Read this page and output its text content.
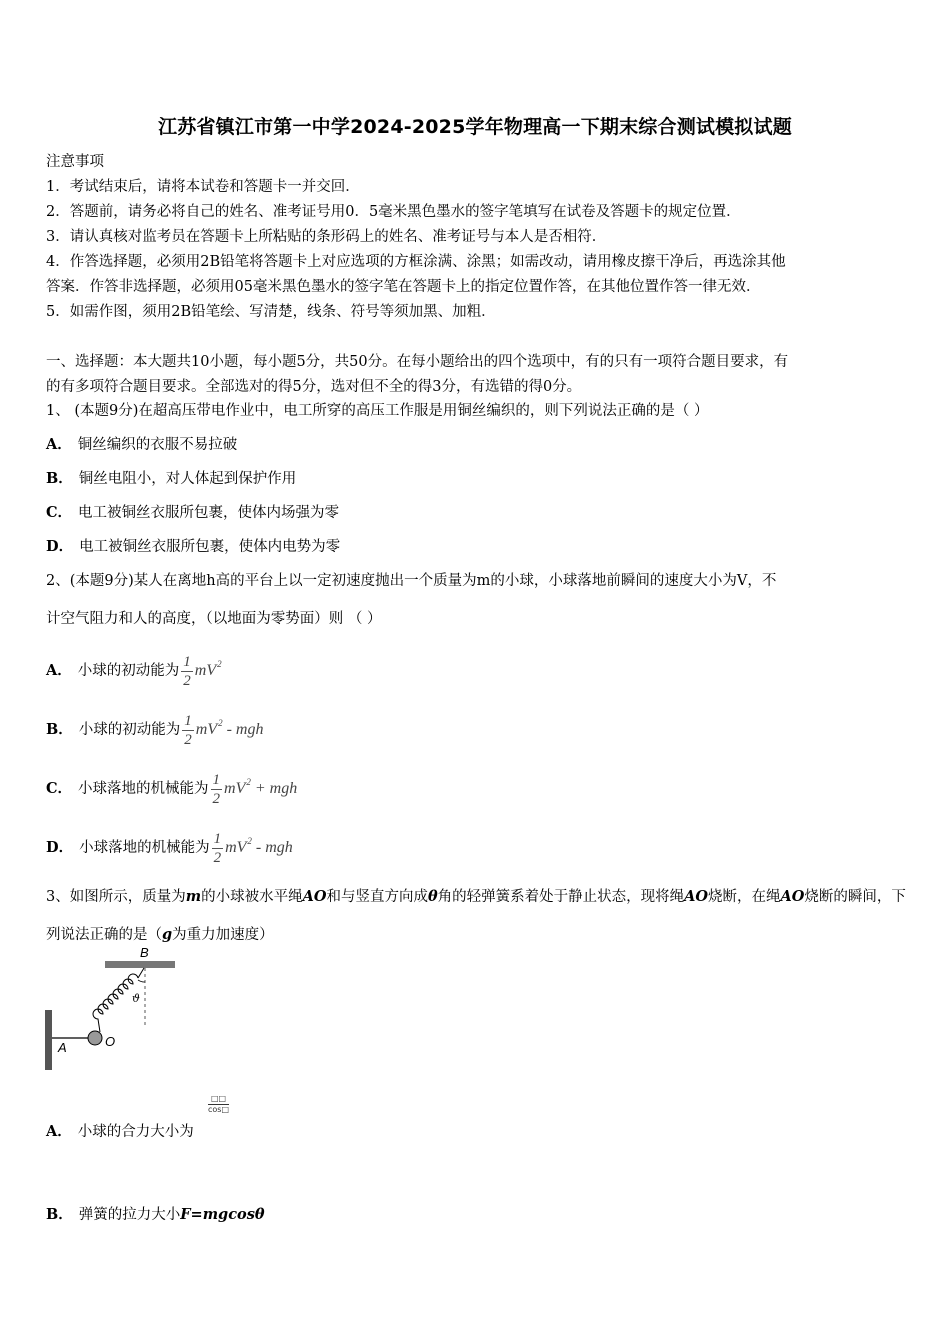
江苏省镇江市第一中学2024-2025学年物理高一下期末综合测试模拟试题
注意事项
1．考试结束后，请将本试卷和答题卡一并交回．
2．答题前，请务必将自己的姓名、准考证号用0．5毫米黑色墨水的签字笔填写在试卷及答题卡的规定位置．
3．请认真核对监考员在答题卡上所粘贴的条形码上的姓名、准考证号与本人是否相符．
4．作答选择题，必须用2B铅笔将答题卡上对应选项的方框涂满、涂黑；如需改动，请用橡皮擦干净后，再选涂其他
答案．作答非选择题，必须用05毫米黑色墨水的签字笔在答题卡上的指定位置作答，在其他位置作答一律无效．
5．如需作图，须用2B铅笔绘、写清楚，线条、符号等须加黑、加粗．
一、选择题：本大题共10小题，每小题5分，共50分。在每小题给出的四个选项中，有的只有一项符合题目要求，有
的有多项符合题目要求。全部选对的得5分，选对但不全的得3分，有选错的得0分。
1、 (本题9分)在超高压带电作业中，电工所穿的高压工作服是用铜丝编织的，则下列说法正确的是（ ）
A． 铜丝编织的衣服不易拉破
B． 铜丝电阻小，对人体起到保护作用
C． 电工被铜丝衣服所包裹，使体内场强为零
D． 电工被铜丝衣服所包裹，使体内电势为零
2、(本题9分)某人在离地h高的平台上以一定初速度抛出一个质量为m的小球，小球落地前瞬间的速度大小为V，不
计空气阻力和人的高度，（以地面为零势面）则 （ ）
A． 小球的初动能为 $\frac{1}{2} mV^2$
B． 小球的初动能为 $\frac{1}{2} mV^2$ - mgh
C． 小球落地的机械能为 $\frac{1}{2} mV^2$ + mgh
D． 小球落地的机械能为 $\frac{1}{2} mV^2$ - mgh
3、如图所示，质量为m的小球被水平绳AO和与竖直方向成θ角的轻弹簧系着处于静止状态，现将绳AO烧断，在绳AO烧断的瞬间，下列说法正确的是（g为重力加速度）
B
A
ϑ
O
□□
cos□
A． 小球的合力大小为
B． 弹簧的拉力大小F=mgcosθ
